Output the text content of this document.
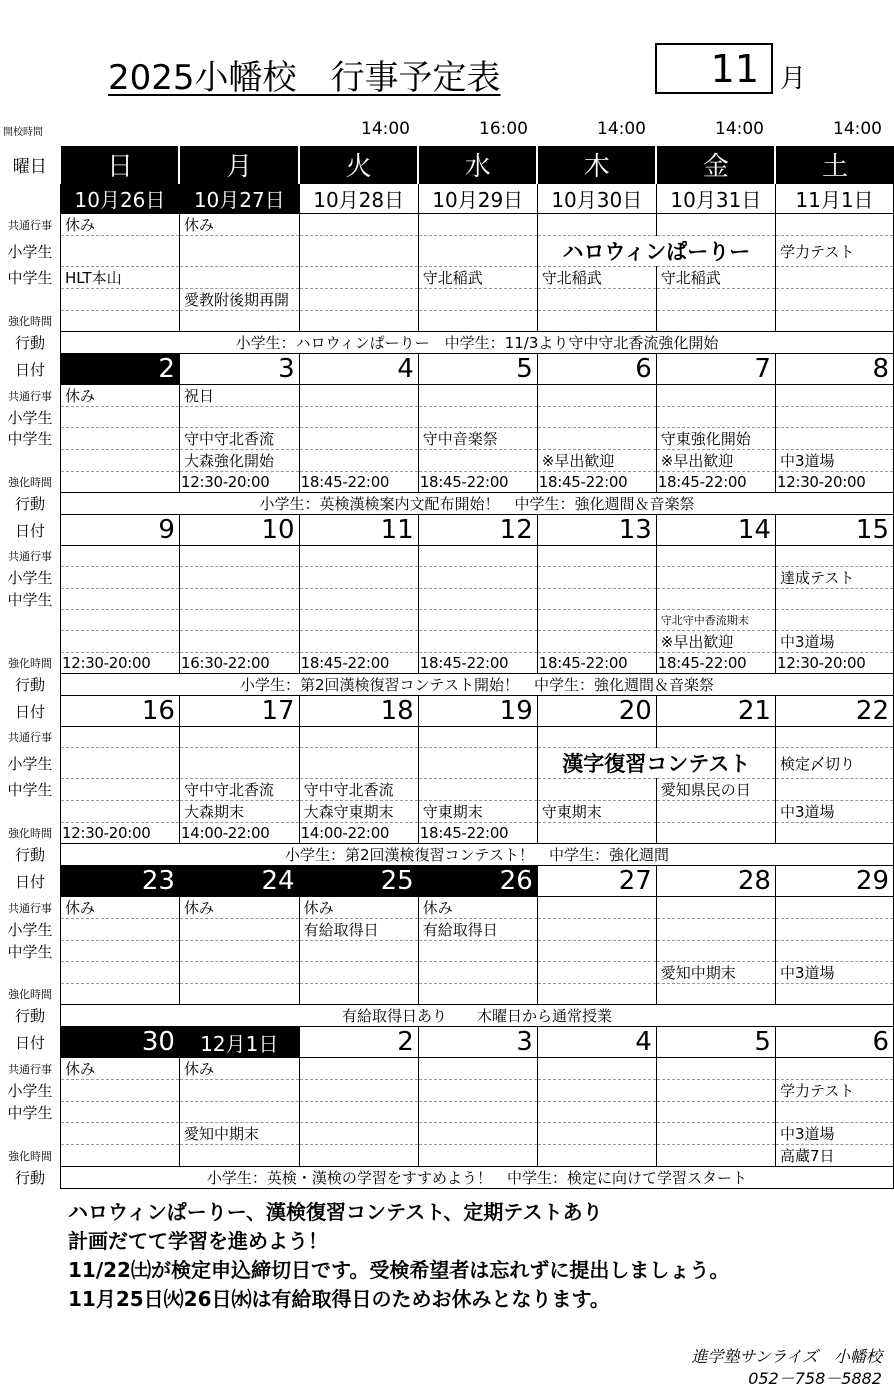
2025小幡校　行事予定表	11 月
開校時間	14:00	16:00	14:00	14:00	14:00
曜日	日	月	火	水	木	金	土
	10月26日	10月27日	10月28日	10月29日	10月30日	10月31日	11月1日
共通行事	休み	休み					
小学生					ハロウィンぱーりー		学力テスト
中学生	HLT本山			守北稲武	守北稲武	守北稲武	
		愛教附後期再開					
強化時間							
行動	小学生：ハロウィンぱーりー　中学生：11/3より守中守北香流強化開始						
日付	2	3	4	5	6	7	8
共通行事	休み	祝日					
小学生							
中学生		守中守北香流		守中音楽祭		守東強化開始	
		大森強化開始			※早出歓迎	※早出歓迎	中3道場
強化時間		12:30-20:00	18:45-22:00	18:45-22:00	18:45-22:00	18:45-22:00	12:30-20:00
行動	小学生：英検漢検案内文配布開始！　中学生：強化週間＆音楽祭						
日付	9	10	11	12	13	14	15
共通行事							
小学生							達成テスト
中学生							
						守北守中香流期末	
						※早出歓迎	中3道場
強化時間	12:30-20:00	16:30-22:00	18:45-22:00	18:45-22:00	18:45-22:00	18:45-22:00	12:30-20:00
行動	小学生：第2回漢検復習コンテスト開始！　中学生：強化週間＆音楽祭						
日付	16	17	18	19	20	21	22
共通行事							
小学生					漢字復習コンテスト		検定〆切り
中学生		守中守北香流	守中守北香流			愛知県民の日	
		大森期末	大森守東期末	守東期末	守東期末		中3道場
強化時間	12:30-20:00	14:00-22:00	14:00-22:00	18:45-22:00			
行動	小学生：第2回漢検復習コンテスト！　中学生：強化週間						
日付	23	24	25	26	27	28	29
共通行事	休み	休み	休み	休み			
小学生			有給取得日	有給取得日			
中学生							
						愛知中期末	中3道場
強化時間							
行動	有給取得日あり　　木曜日から通常授業						
日付	30	12月1日	2	3	4	5	6
共通行事	休み	休み					
小学生							学力テスト
中学生							
		愛知中期末					中3道場
強化時間							高蔵7日
行動	小学生：英検・漢検の学習をすすめよう！　中学生：検定に向けて学習スタート						
ハロウィンぱーりー、漢検復習コンテスト、定期テストあり
計画だてて学習を進めよう！
11/22㈯が検定申込締切日です。受検希望者は忘れずに提出しましょう。
11月25日㈫26日㈬は有給取得日のためお休みとなります。
進学塾サンライズ　小幡校
052－758－5882
